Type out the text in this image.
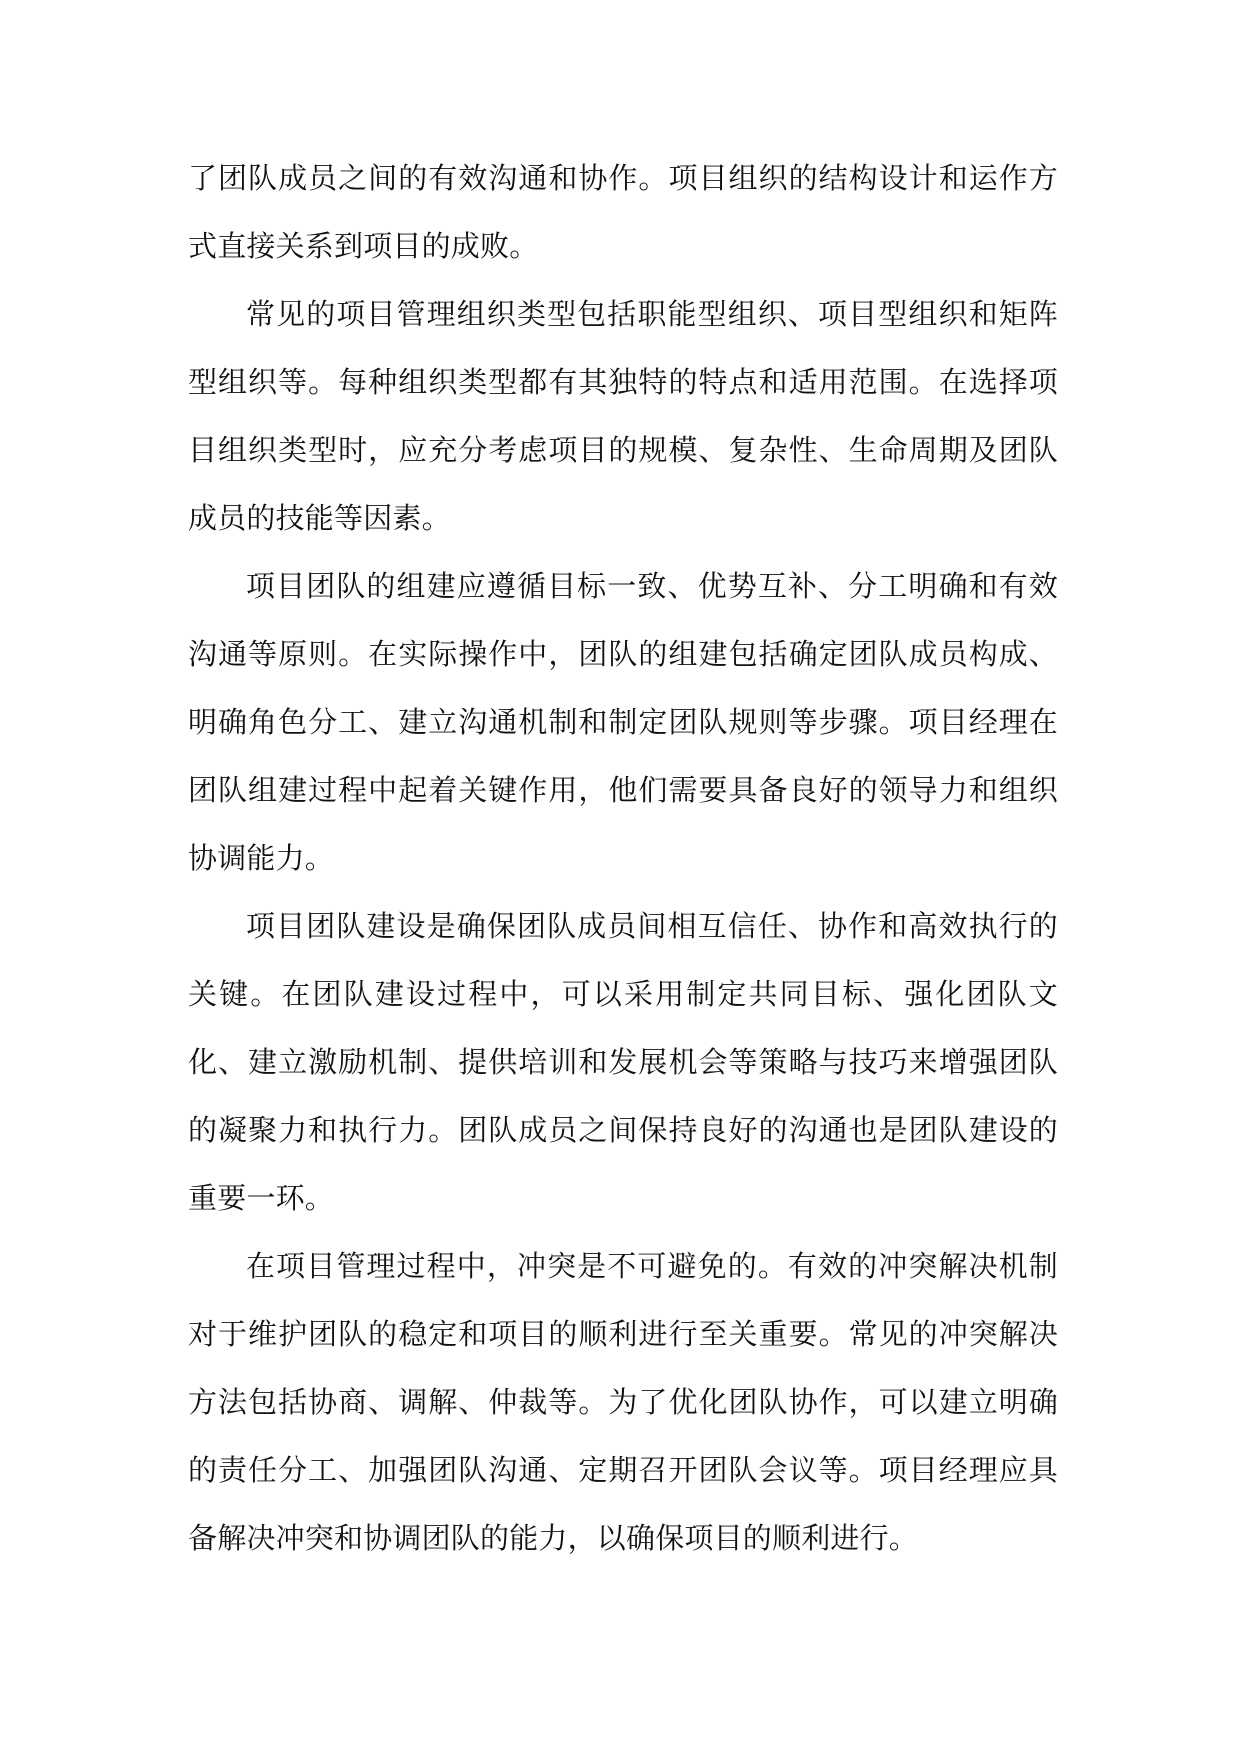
了团队成员之间的有效沟通和协作。项目组织的结构设计和运作方式直接关系到项目的成败。

常见的项目管理组织类型包括职能型组织、项目型组织和矩阵型组织等。每种组织类型都有其独特的特点和适用范围。在选择项目组织类型时，应充分考虑项目的规模、复杂性、生命周期及团队成员的技能等因素。

项目团队的组建应遵循目标一致、优势互补、分工明确和有效沟通等原则。在实际操作中，团队的组建包括确定团队成员构成、明确角色分工、建立沟通机制和制定团队规则等步骤。项目经理在团队组建过程中起着关键作用，他们需要具备良好的领导力和组织协调能力。

项目团队建设是确保团队成员间相互信任、协作和高效执行的关键。在团队建设过程中，可以采用制定共同目标、强化团队文化、建立激励机制、提供培训和发展机会等策略与技巧来增强团队的凝聚力和执行力。团队成员之间保持良好的沟通也是团队建设的重要一环。

在项目管理过程中，冲突是不可避免的。有效的冲突解决机制对于维护团队的稳定和项目的顺利进行至关重要。常见的冲突解决方法包括协商、调解、仲裁等。为了优化团队协作，可以建立明确的责任分工、加强团队沟通、定期召开团队会议等。项目经理应具备解决冲突和协调团队的能力，以确保项目的顺利进行。
